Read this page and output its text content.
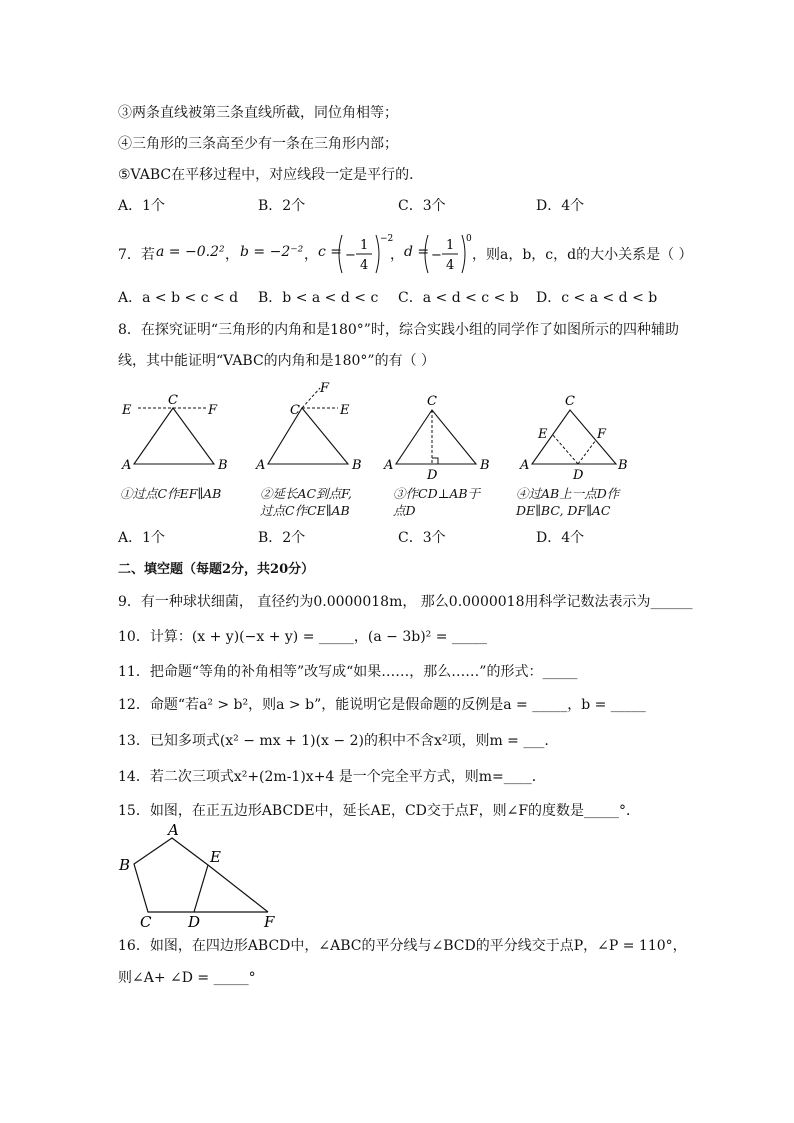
③两条直线被第三条直线所截，同位角相等；
④三角形的三条高至少有一条在三角形内部；
⑤VABC在平移过程中，对应线段一定是平行的．
A．1个	B．2个	C．3个	D．4个
7．若 a = −0.2² ， b = −2⁻² ， c = −
1
4
−2
， d = −
1
4
0
，则a，b，c，d的大小关系是（ ）
A．a < b < c < d B．b < a < d < c C．a < d < c < b D．c < a < d < b
8．在探究证明“三角形的内角和是180°”时，综合实践小组的同学作了如图所示的四种辅助
线，其中能证明“VABC的内角和是180°”的有（ ）
E
C
F
A	B
C
F
E
A	B
C
D
A	B
C
E	F
D
A	B
①过点C作EF∥AB	②延长AC到点F,
过点C作CE∥AB
③作CD⊥AB于
点D
④过AB上一点D作
DE∥BC, DF∥AC
A．1个	B．2个	C．3个	D．4个
二、填空题（每题2分，共20分）
9．有一种球状细菌， 直径约为0.0000018m， 那么0.0000018用科学记数法表示为______
10．计算：(x + y)(−x + y) = _____，(a − 3b)² = _____
11．把命题“等角的补角相等”改写成“如果……，那么……”的形式：_____
12．命题“若a² > b²，则a > b”，能说明它是假命题的反例是a = _____，b = _____
13．已知多项式(x² − mx + 1)(x − 2)的积中不含x²项，则m = ___.
14．若二次三项式x²+(2m-1)x+4 是一个完全平方式，则m=____．
15．如图，在正五边形ABCDE中，延长AE，CD交于点F，则∠F的度数是_____°．
A
B
C D
E
F
16．如图，在四边形ABCD中，∠ABC的平分线与∠BCD的平分线交于点P，∠P = 110°，
则∠A+ ∠D = _____°
